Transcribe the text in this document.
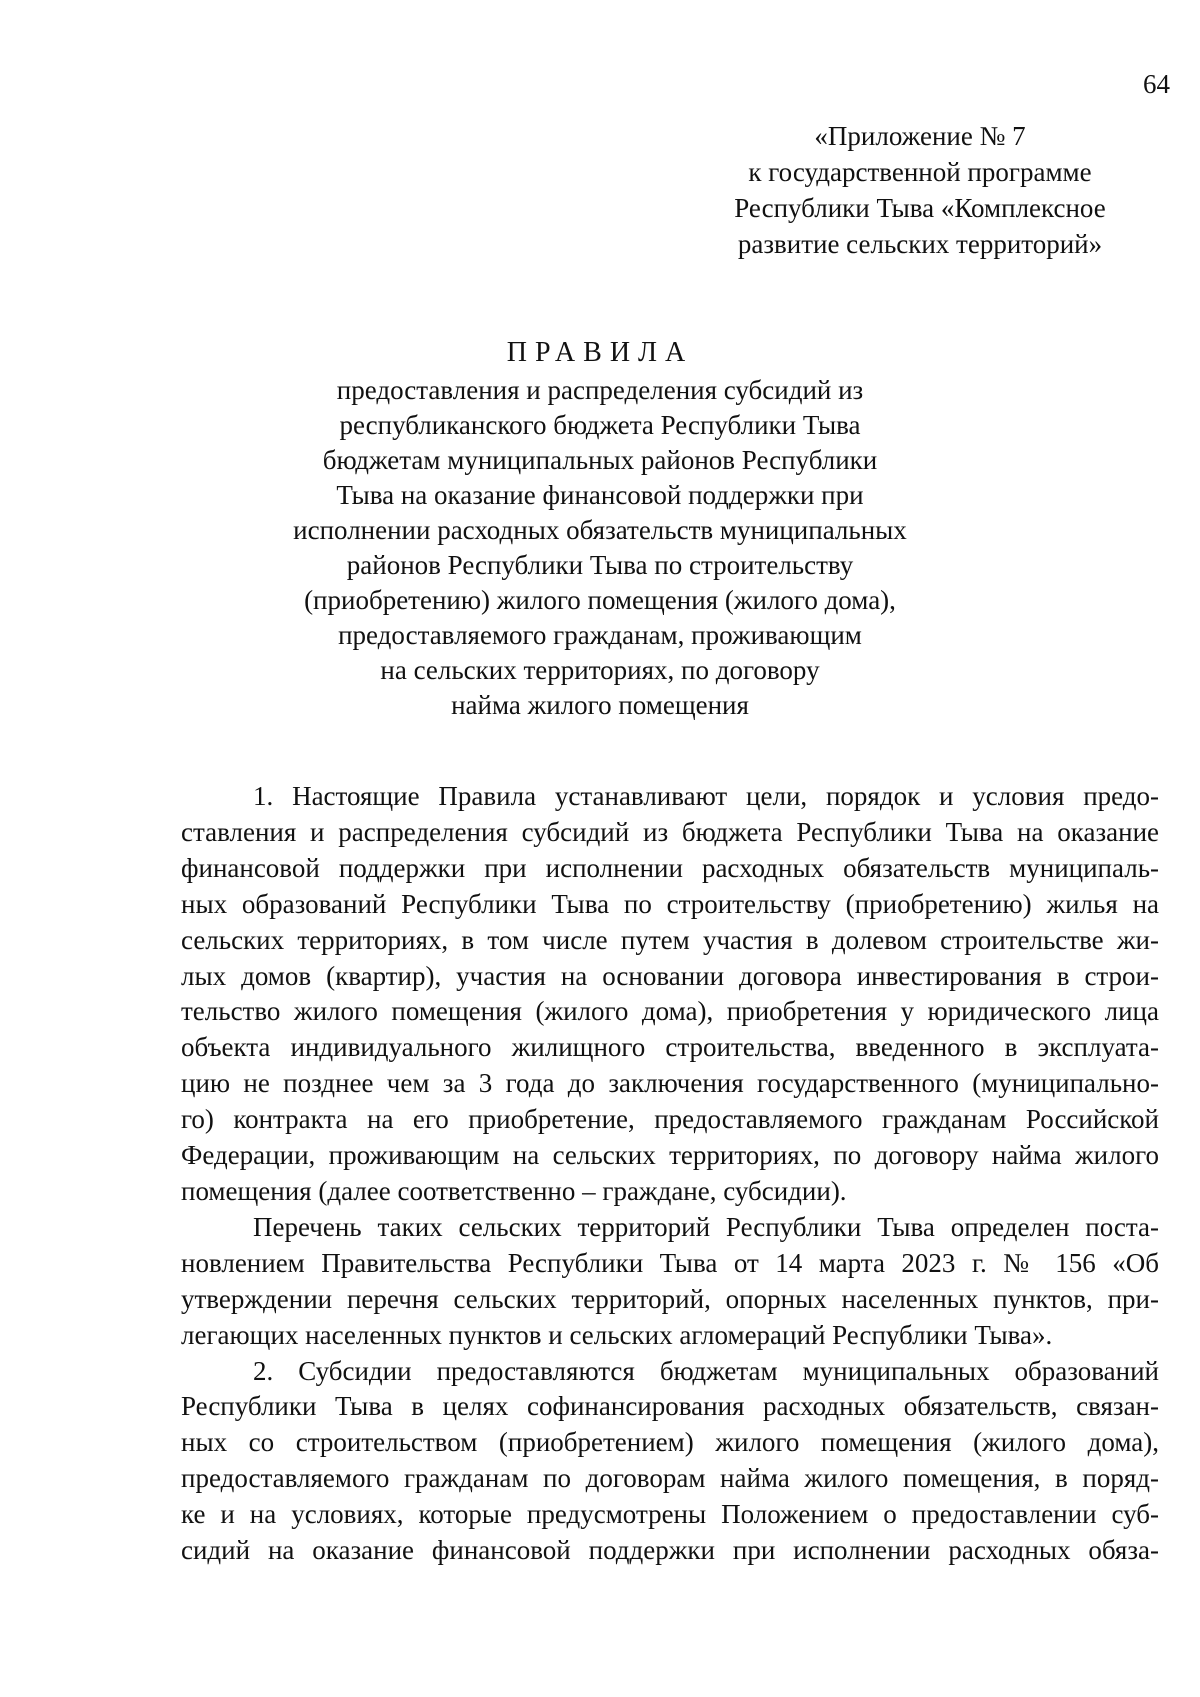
64
«Приложение № 7
к государственной программе
Республики Тыва «Комплексное
развитие сельских территорий»
ПРАВИЛА
предоставления и распределения субсидий из
республиканского бюджета Республики Тыва
бюджетам муниципальных районов Республики
Тыва на оказание финансовой поддержки при
исполнении расходных обязательств муниципальных
районов Республики Тыва по строительству
(приобретению) жилого помещения (жилого дома),
предоставляемого гражданам, проживающим
на сельских территориях, по договору
найма жилого помещения

1. Настоящие Правила устанавливают цели, порядок и условия предо-
ставления и распределения субсидий из бюджета Республики Тыва на оказание
финансовой поддержки при исполнении расходных обязательств муниципаль-
ных образований Республики Тыва по строительству (приобретению) жилья на
сельских территориях, в том числе путем участия в долевом строительстве жи-
лых домов (квартир), участия на основании договора инвестирования в строи-
тельство жилого помещения (жилого дома), приобретения у юридического лица
объекта индивидуального жилищного строительства, введенного в эксплуата-
цию не позднее чем за 3 года до заключения государственного (муниципально-
го) контракта на его приобретение, предоставляемого гражданам Российской
Федерации, проживающим на сельских территориях, по договору найма жилого
помещения (далее соответственно – граждане, субсидии).

Перечень таких сельских территорий Республики Тыва определен поста-
новлением Правительства Республики Тыва от 14 марта 2023 г. № 156 «Об
утверждении перечня сельских территорий, опорных населенных пунктов, при-
легающих населенных пунктов и сельских агломераций Республики Тыва».

2. Субсидии предоставляются бюджетам муниципальных образований
Республики Тыва в целях софинансирования расходных обязательств, связан-
ных со строительством (приобретением) жилого помещения (жилого дома),
предоставляемого гражданам по договорам найма жилого помещения, в поряд-
ке и на условиях, которые предусмотрены Положением о предоставлении суб-
сидий на оказание финансовой поддержки при исполнении расходных обяза-
